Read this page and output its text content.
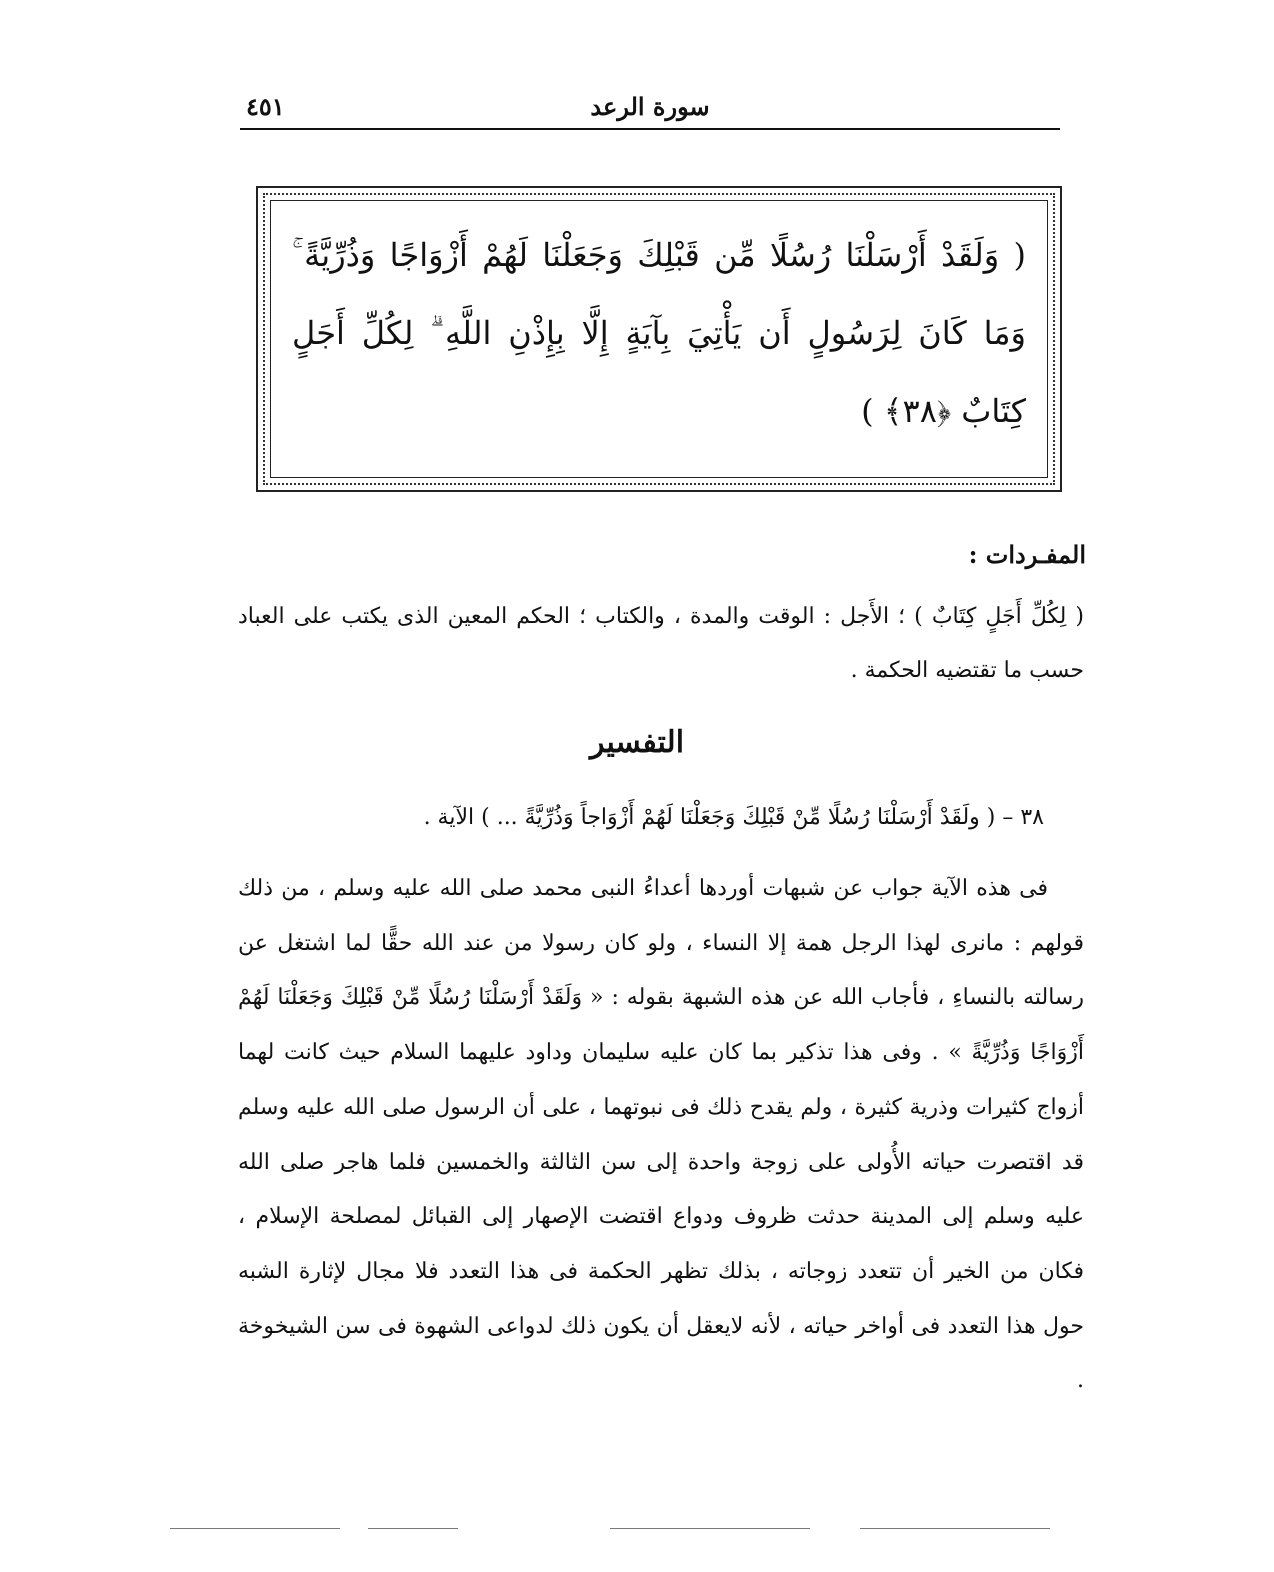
سورة الرعد
٤٥١
( وَلَقَدْ أَرْسَلْنَا رُسُلًا مِّن قَبْلِكَ وَجَعَلْنَا لَهُمْ أَزْوَاجًا وَذُرِّيَّةً ۚ وَمَا كَانَ لِرَسُولٍ أَن يَأْتِيَ بِآيَةٍ إِلَّا بِإِذْنِ اللَّهِ ۗ لِكُلِّ أَجَلٍ كِتَابٌ ﴿٣٨﴾ )
المفـردات :
( لِكُلِّ أَجَلٍ كِتَابٌ ) ؛ الأَجل : الوقت والمدة ، والكتاب ؛ الحكم المعين الذى يكتب على العباد حسب ما تقتضيه الحكمة .
التفسير
٣٨ – ( ولَقَدْ أَرْسَلْنَا رُسُلًا مِّنْ قَبْلِكَ وَجَعَلْنَا لَهُمْ أَزْوَاجاً وَذُرِّيَّةً ... ) الآية .

فى هذه الآية جواب عن شبهات أوردها أعداءُ النبى محمد صلى الله عليه وسلم ، من ذلك قولهم : مانرى لهذا الرجل همة إلا النساء ، ولو كان رسولا من عند الله حقًّا لما اشتغل عن رسالته بالنساءِ ، فأجاب الله عن هذه الشبهة بقوله : « وَلَقَدْ أَرْسَلْنَا رُسُلًا مِّنْ قَبْلِكَ وَجَعَلْنَا لَهُمْ أَزْوَاجًا وَذُرِّيَّةً » . وفى هذا تذكير بما كان عليه سليمان وداود عليهما السلام حيث كانت لهما أزواج كثيرات وذرية كثيرة ، ولم يقدح ذلك فى نبوتهما ، على أن الرسول صلى الله عليه وسلم قد اقتصرت حياته الأُولى على زوجة واحدة إلى سن الثالثة والخمسين فلما هاجر صلى الله عليه وسلم إلى المدينة حدثت ظروف ودواع اقتضت الإصهار إلى القبائل لمصلحة الإسلام ، فكان من الخير أن تتعدد زوجاته ، بذلك تظهر الحكمة فى هذا التعدد فلا مجال لإثارة الشبه حول هذا التعدد فى أواخر حياته ، لأنه لايعقل أن يكون ذلك لدواعى الشهوة فى سن الشيخوخة .
